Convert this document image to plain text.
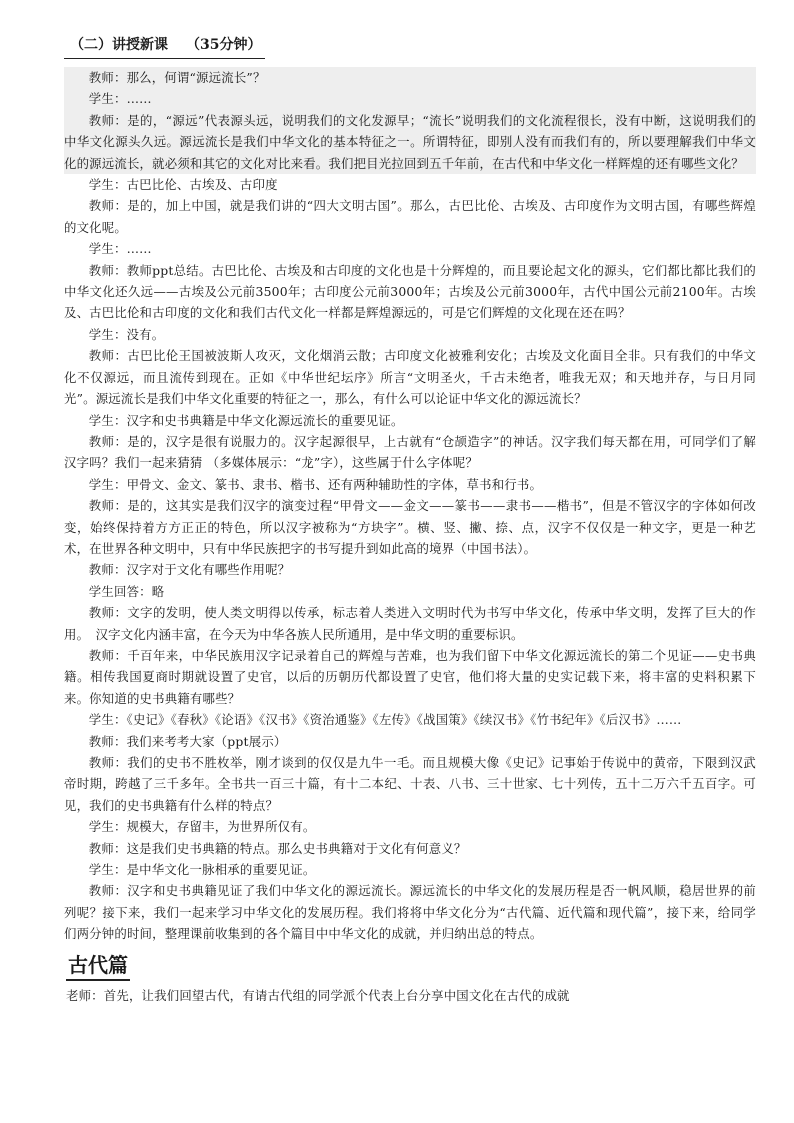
（二）讲授新课 （35分钟）

教师：那么，何谓“源远流长”？

学生：……

教师：是的，“源远”代表源头远，说明我们的文化发源早；“流长”说明我们的文化流程很长，没有中断，这说明我们的中华文化源头久远。源远流长是我们中华文化的基本特征之一。所谓特征，即别人没有而我们有的，所以要理解我们中华文化的源远流长，就必须和其它的文化对比来看。我们把目光拉回到五千年前，在古代和中华文化一样辉煌的还有哪些文化？

学生：古巴比伦、古埃及、古印度

教师：是的，加上中国，就是我们讲的“四大文明古国”。那么，古巴比伦、古埃及、古印度作为文明古国，有哪些辉煌的文化呢。

学生：……

教师：教师ppt总结。古巴比伦、古埃及和古印度的文化也是十分辉煌的，而且要论起文化的源头，它们都比都比我们的中华文化还久远——古埃及公元前3500年；古印度公元前3000年；古埃及公元前3000年，古代中国公元前2100年。古埃及、古巴比伦和古印度的文化和我们古代文化一样都是辉煌源远的，可是它们辉煌的文化现在还在吗？

学生：没有。

教师：古巴比伦王国被波斯人攻灭，文化烟消云散；古印度文化被雅利安化；古埃及文化面目全非。只有我们的中华文化不仅源远，而且流传到现在。正如《中华世纪坛序》所言“文明圣火，千古未绝者，唯我无双；和天地并存，与日月同光”。源远流长是我们中华文化重要的特征之一，那么，有什么可以论证中华文化的源远流长？

学生：汉字和史书典籍是中华文化源远流长的重要见证。

教师：是的，汉字是很有说服力的。汉字起源很早，上古就有“仓颉造字”的神话。汉字我们每天都在用，可同学们了解汉字吗？我们一起来猜猜 （多媒体展示：“龙”字），这些属于什么字体呢？

学生：甲骨文、金文、篆书、隶书、楷书、还有两种辅助性的字体，草书和行书。

教师：是的，这其实是我们汉字的演变过程“甲骨文——金文——篆书——隶书——楷书”，但是不管汉字的字体如何改变，始终保持着方方正正的特色，所以汉字被称为“方块字”。横、竖、撇、捺、点，汉字不仅仅是一种文字，更是一种艺术，在世界各种文明中，只有中华民族把字的书写提升到如此高的境界（中国书法）。

教师：汉字对于文化有哪些作用呢？

学生回答：略

教师：文字的发明，使人类文明得以传承，标志着人类进入文明时代为书写中华文化，传承中华文明，发挥了巨大的作用。　汉字文化内涵丰富，在今天为中华各族人民所通用，是中华文明的重要标识。

教师：千百年来，中华民族用汉字记录着自己的辉煌与苦难，也为我们留下中华文化源远流长的第二个见证——史书典籍。相传我国夏商时期就设置了史官，以后的历朝历代都设置了史官，他们将大量的史实记载下来，将丰富的史料积累下来。你知道的史书典籍有哪些？

学生：《史记》《春秋》《论语》《汉书》《资治通鉴》《左传》《战国策》《续汉书》《竹书纪年》《后汉书》……

教师：我们来考考大家（ppt展示）

教师：我们的史书不胜枚举，刚才谈到的仅仅是九牛一毛。而且规模大像《史记》记事始于传说中的黄帝，下限到汉武帝时期，跨越了三千多年。全书共一百三十篇，有十二本纪、十表、八书、三十世家、七十列传，五十二万六千五百字。可见，我们的史书典籍有什么样的特点？

学生：规模大，存留丰，为世界所仅有。

教师：这是我们史书典籍的特点。那么史书典籍对于文化有何意义？

学生：是中华文化一脉相承的重要见证。

教师：汉字和史书典籍见证了我们中华文化的源远流长。源远流长的中华文化的发展历程是否一帆风顺，稳居世界的前列呢？接下来，我们一起来学习中华文化的发展历程。我们将将中华文化分为“古代篇、近代篇和现代篇”，接下来，给同学们两分钟的时间，整理课前收集到的各个篇目中中华文化的成就，并归纳出总的特点。

古代篇

老师：首先，让我们回望古代，有请古代组的同学派个代表上台分享中国文化在古代的成就
